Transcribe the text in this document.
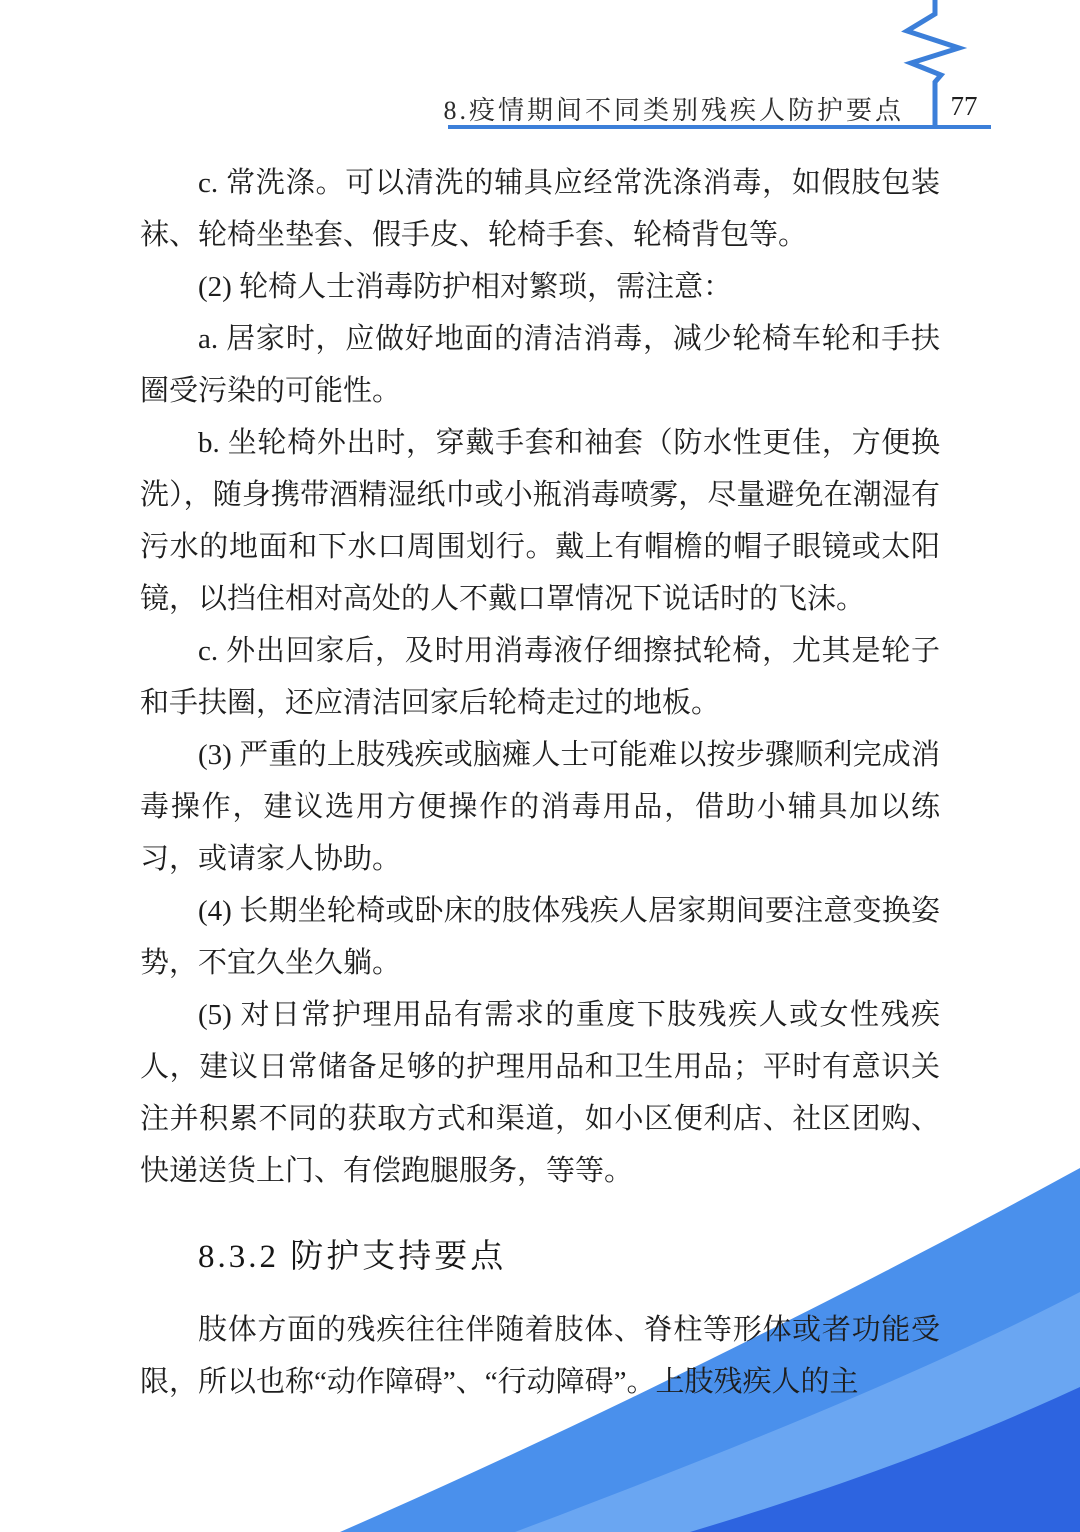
8.疫情期间不同类别残疾人防护要点	77

c. 常洗涤。可以清洗的辅具应经常洗涤消毒，如假肢包装袜、轮椅坐垫套、假手皮、轮椅手套、轮椅背包等。

(2) 轮椅人士消毒防护相对繁琐，需注意：

a. 居家时，应做好地面的清洁消毒，减少轮椅车轮和手扶圈受污染的可能性。

b. 坐轮椅外出时，穿戴手套和袖套（防水性更佳，方便换洗），随身携带酒精湿纸巾或小瓶消毒喷雾，尽量避免在潮湿有污水的地面和下水口周围划行。戴上有帽檐的帽子眼镜或太阳镜，以挡住相对高处的人不戴口罩情况下说话时的飞沫。

c. 外出回家后，及时用消毒液仔细擦拭轮椅，尤其是轮子和手扶圈，还应清洁回家后轮椅走过的地板。

(3) 严重的上肢残疾或脑瘫人士可能难以按步骤顺利完成消毒操作，建议选用方便操作的消毒用品，借助小辅具加以练习，或请家人协助。

(4) 长期坐轮椅或卧床的肢体残疾人居家期间要注意变换姿势，不宜久坐久躺。

(5) 对日常护理用品有需求的重度下肢残疾人或女性残疾人，建议日常储备足够的护理用品和卫生用品；平时有意识关注并积累不同的获取方式和渠道，如小区便利店、社区团购、快递送货上门、有偿跑腿服务，等等。

8.3.2 防护支持要点

肢体方面的残疾往往伴随着肢体、脊柱等形体或者功能受限，所以也称“动作障碍”、“行动障碍”。上肢残疾人的主
